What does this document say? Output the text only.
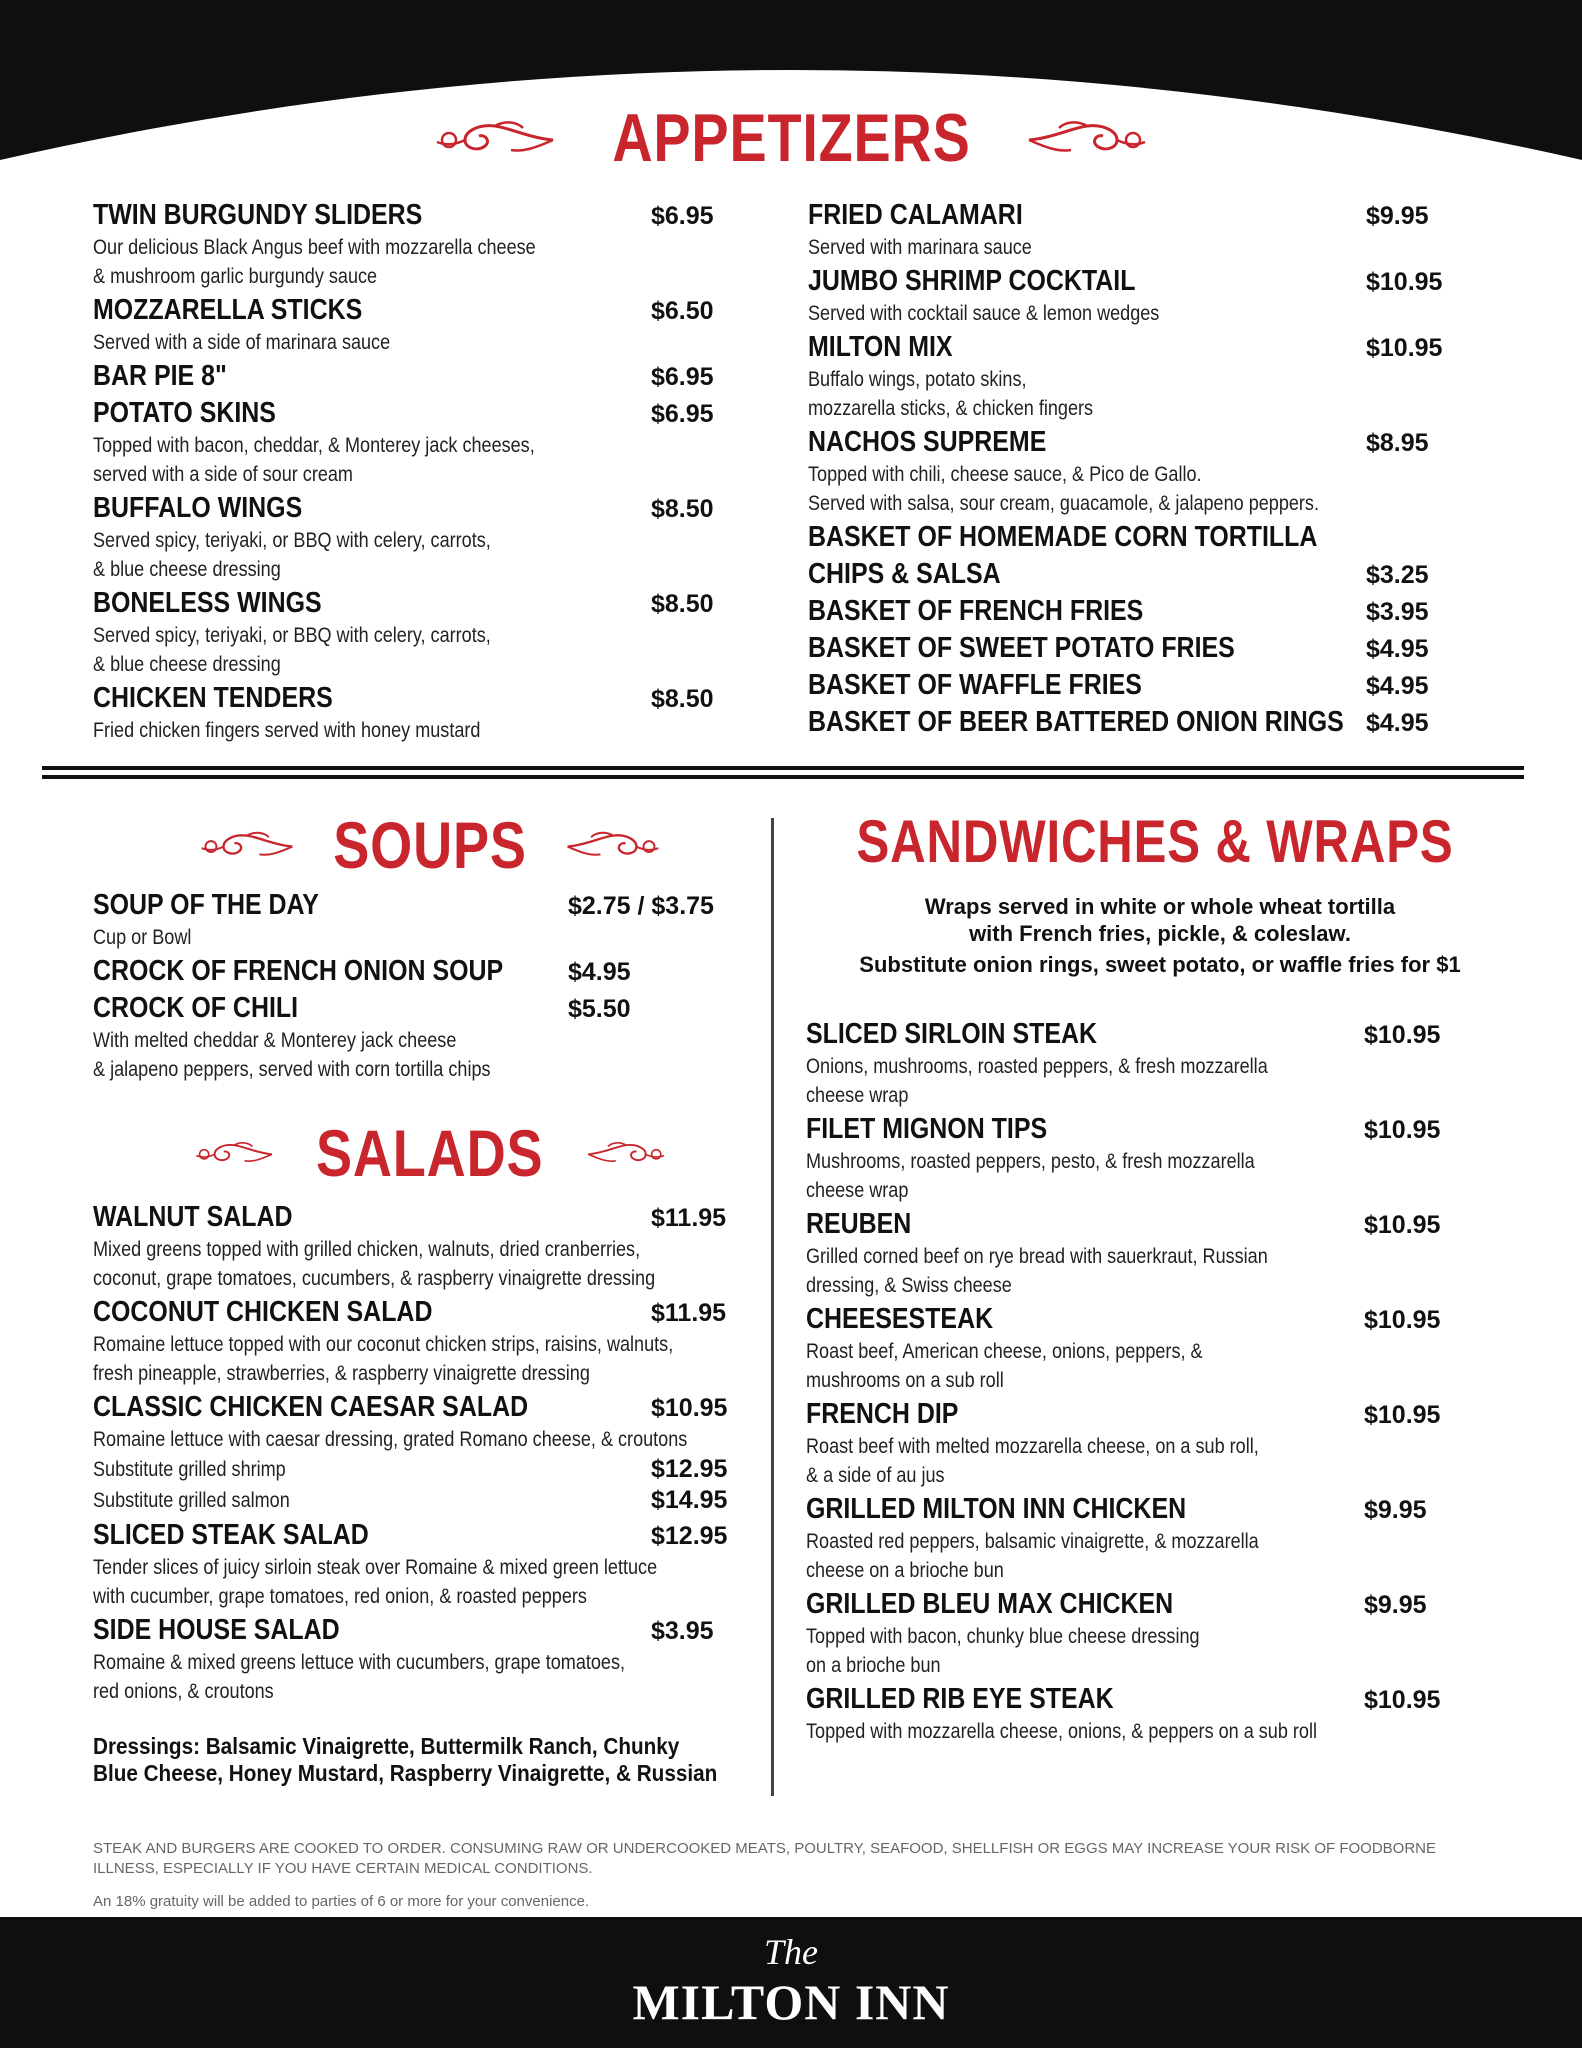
APPETIZERS
TWIN BURGUNDY SLIDERS	$6.95
Our delicious Black Angus beef with mozzarella cheese
& mushroom garlic burgundy sauce
MOZZARELLA STICKS	$6.50
Served with a side of marinara sauce
BAR PIE 8"	$6.95
POTATO SKINS	$6.95
Topped with bacon, cheddar, & Monterey jack cheeses,
served with a side of sour cream
BUFFALO WINGS	$8.50
Served spicy, teriyaki, or BBQ with celery, carrots,
& blue cheese dressing
BONELESS WINGS	$8.50
Served spicy, teriyaki, or BBQ with celery, carrots,
& blue cheese dressing
CHICKEN TENDERS	$8.50
Fried chicken fingers served with honey mustard
FRIED CALAMARI	$9.95
Served with marinara sauce
JUMBO SHRIMP COCKTAIL	$10.95
Served with cocktail sauce & lemon wedges
MILTON MIX	$10.95
Buffalo wings, potato skins,
mozzarella sticks, & chicken fingers
NACHOS SUPREME	$8.95
Topped with chili, cheese sauce, & Pico de Gallo.
Served with salsa, sour cream, guacamole, & jalapeno peppers.
BASKET OF HOMEMADE CORN TORTILLA
CHIPS & SALSA	$3.25
BASKET OF FRENCH FRIES	$3.95
BASKET OF SWEET POTATO FRIES	$4.95
BASKET OF WAFFLE FRIES	$4.95
BASKET OF BEER BATTERED ONION RINGS $4.95
SOUPS
SOUP OF THE DAY	$2.75 / $3.75
Cup or Bowl
CROCK OF FRENCH ONION SOUP	$4.95
CROCK OF CHILI	$5.50
With melted cheddar & Monterey jack cheese
& jalapeno peppers, served with corn tortilla chips
SALADS
WALNUT SALAD	$11.95
Mixed greens topped with grilled chicken, walnuts, dried cranberries,
coconut, grape tomatoes, cucumbers, & raspberry vinaigrette dressing
COCONUT CHICKEN SALAD	$11.95
Romaine lettuce topped with our coconut chicken strips, raisins, walnuts,
fresh pineapple, strawberries, & raspberry vinaigrette dressing
CLASSIC CHICKEN CAESAR SALAD	$10.95
Romaine lettuce with caesar dressing, grated Romano cheese, & croutons
Substitute grilled shrimp	$12.95
Substitute grilled salmon	$14.95
SLICED STEAK SALAD	$12.95
Tender slices of juicy sirloin steak over Romaine & mixed green lettuce
with cucumber, grape tomatoes, red onion, & roasted peppers
SIDE HOUSE SALAD	$3.95
Romaine & mixed greens lettuce with cucumbers, grape tomatoes,
red onions, & croutons
Dressings: Balsamic Vinaigrette, Buttermilk Ranch, Chunky
Blue Cheese, Honey Mustard, Raspberry Vinaigrette, & Russian
SANDWICHES & WRAPS
Wraps served in white or whole wheat tortilla
with French fries, pickle, & coleslaw.
Substitute onion rings, sweet potato, or waffle fries for $1
SLICED SIRLOIN STEAK	$10.95
Onions, mushrooms, roasted peppers, & fresh mozzarella
cheese wrap
FILET MIGNON TIPS	$10.95
Mushrooms, roasted peppers, pesto, & fresh mozzarella
cheese wrap
REUBEN	$10.95
Grilled corned beef on rye bread with sauerkraut, Russian
dressing, & Swiss cheese
CHEESESTEAK	$10.95
Roast beef, American cheese, onions, peppers, &
mushrooms on a sub roll
FRENCH DIP	$10.95
Roast beef with melted mozzarella cheese, on a sub roll,
& a side of au jus
GRILLED MILTON INN CHICKEN	$9.95
Roasted red peppers, balsamic vinaigrette, & mozzarella
cheese on a brioche bun
GRILLED BLEU MAX CHICKEN	$9.95
Topped with bacon, chunky blue cheese dressing
on a brioche bun
GRILLED RIB EYE STEAK	$10.95
Topped with mozzarella cheese, onions, & peppers on a sub roll
STEAK AND BURGERS ARE COOKED TO ORDER. CONSUMING RAW OR UNDERCOOKED MEATS, POULTRY, SEAFOOD, SHELLFISH OR EGGS MAY INCREASE YOUR RISK OF FOODBORNE ILLNESS, ESPECIALLY IF YOU HAVE CERTAIN MEDICAL CONDITIONS.
An 18% gratuity will be added to parties of 6 or more for your convenience.
The
MILTON INN
